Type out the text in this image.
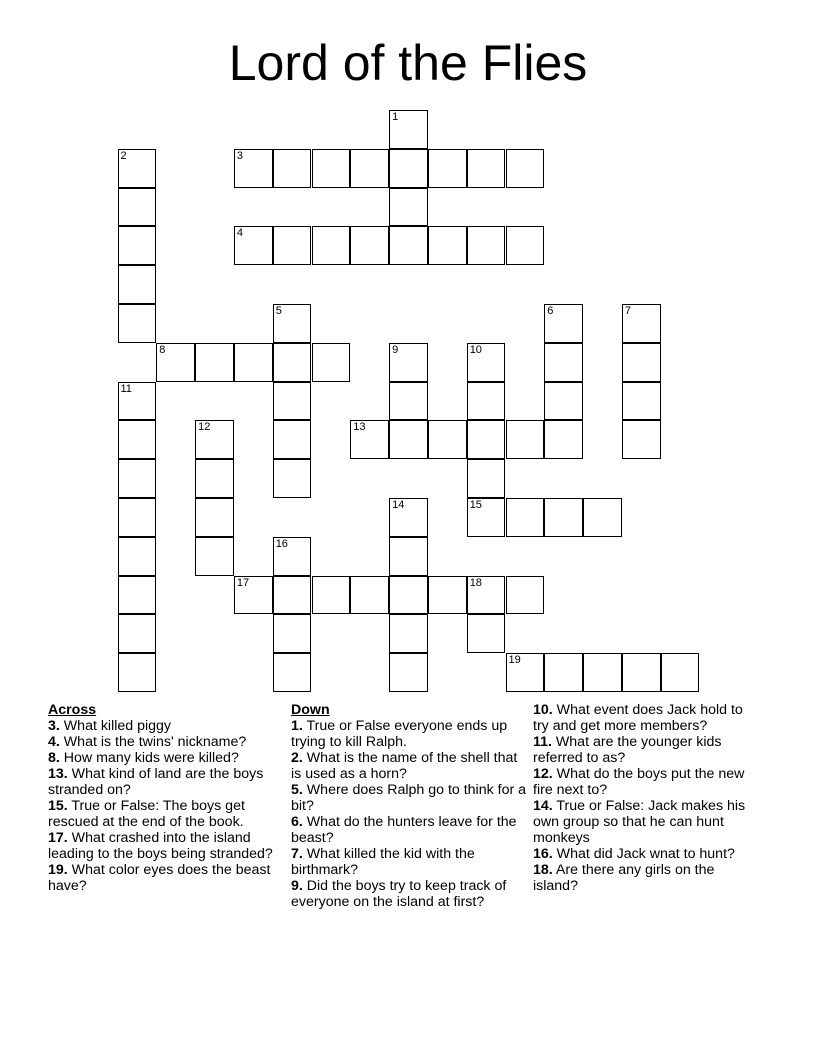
Lord of the Flies
1
2	3
4
5	6	7
8	9	10
11
12	13
14	15
16
17	18
19
Across
3. What killed piggy
4. What is the twins' nickname?
8. How many kids were killed?
13. What kind of land are the boys stranded on?
15. True or False: The boys get rescued at the end of the book.
17. What crashed into the island leading to the boys being stranded?
19. What color eyes does the beast have?
Down
1. True or False everyone ends up trying to kill Ralph.
2. What is the name of the shell that is used as a horn?
5. Where does Ralph go to think for a bit?
6. What do the hunters leave for the beast?
7. What killed the kid with the birthmark?
9. Did the boys try to keep track of everyone on the island at first?
10. What event does Jack hold to try and get more members?
11. What are the younger kids referred to as?
12. What do the boys put the new fire next to?
14. True or False: Jack makes his own group so that he can hunt monkeys
16. What did Jack wnat to hunt?
18. Are there any girls on the island?
